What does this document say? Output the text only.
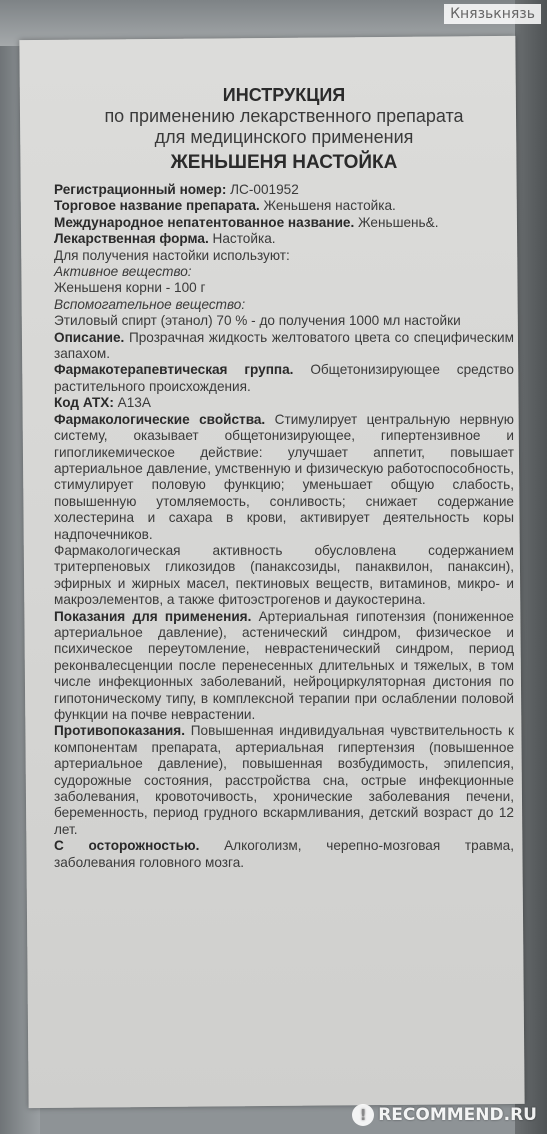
ИНСТРУКЦИЯ
по применению лекарственного препарата
для медицинского применения
ЖЕНЬШЕНЯ НАСТОЙКА

Регистрационный номер: ЛС-001952

Торговое название препарата. Женьшеня настойка.

Международное непатентованное название. Женьшень&.

Лекарственная форма. Настойка.

Для получения настойки используют:

Активное вещество:

Женьшеня корни - 100 г

Вспомогательное вещество:

Этиловый спирт (этанол) 70 % - до получения 1000 мл настойки

Описание. Прозрачная жидкость желтоватого цвета со специфическим запахом.

Фармакотерапевтическая группа. Общетонизирующее средство растительного происхождения.

Код АТХ: А13А

Фармакологические свойства. Стимулирует центральную нервную систему, оказывает общетонизирующее, гипертензивное и гипогликемическое действие: улучшает аппетит, повышает артериальное давление, умственную и физическую работоспособность, стимулирует половую функцию; уменьшает общую слабость, повышенную утомляемость, сонливость; снижает содержание холестерина и сахара в крови, активирует деятельность коры надпочечников.

Фармакологическая активность обусловлена содержанием тритерпеновых гликозидов (панаксозиды, панаквилон, панаксин), эфирных и жирных масел, пектиновых веществ, витаминов, микро- и макроэлементов, а также фитоэстрогенов и даукостерина.

Показания для применения. Артериальная гипотензия (пониженное артериальное давление), астенический синдром, физическое и психическое переутомление, неврастенический синдром, период реконвалесценции после перенесенных длительных и тяжелых, в том числе инфекционных заболеваний, нейроциркуляторная дистония по гипотоническому типу, в комплексной терапии при ослаблении половой функции на почве неврастении.

Противопоказания. Повышенная индивидуальная чувствительность к компонентам препарата, артериальная гипертензия (повышенное артериальное давление), повышенная возбудимость, эпилепсия, судорожные состояния, расстройства сна, острые инфекционные заболевания, кровоточивость, хронические заболевания печени, беременность, период грудного вскармливания, детский возраст до 12 лет.

С осторожностью. Алкоголизм, черепно-мозговая травма, заболевания головного мозга.

Князькнязь
! RECOMMEND.RU
